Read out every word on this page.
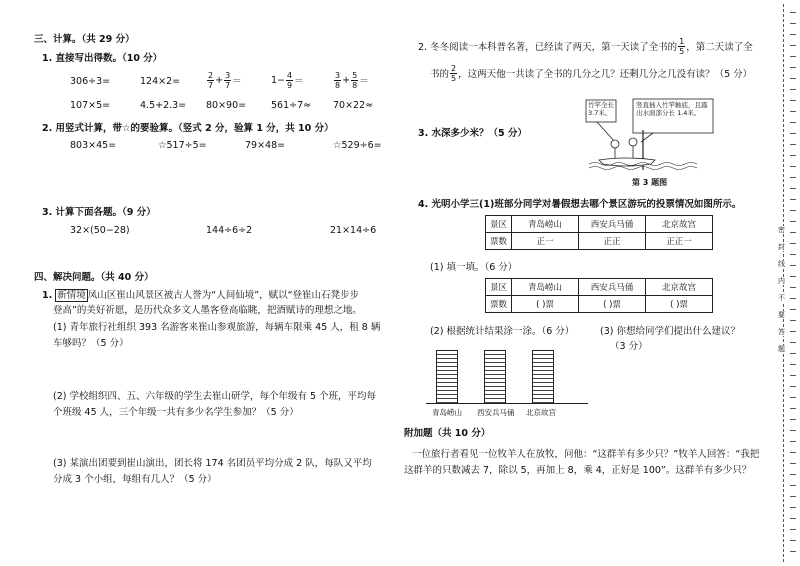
三、计算。（共 29 分）
1. 直接写出得数。（10 分）
306÷3=	124×2=	$\frac{2}{7} + \frac{3}{7}$ ＝	$1- \frac{4}{9}$ ＝	$\frac{3}{8} + \frac{5}{8}$ ＝
107×5=	4.5+2.3= 80×90=	561÷7≈ 70×22≈
2. 用竖式计算，带☆的要验算。（竖式 2 分，验算 1 分，共 10 分）
803×45=	☆517÷5=	79×48=	☆529÷6=
3. 计算下面各题。（9 分）
32×(50−28)	144÷6÷2	21×14÷6
四、解决问题。（共 40 分）
1. 新情境 凤山区崔山风景区被古人誉为“人间仙境”，赋以“登崔山石凳步步
登高”的美好祈愿，是历代众多文人墨客登高临眺，把酒赋诗的理想之地。
(1) 青年旅行社组织 393 名游客来崔山参观旅游，每辆车限乘 45 人，租 8 辆
车够吗？（5 分）
(2) 学校组织四、五、六年级的学生去崔山研学，每个年级有 5 个班，平均每
个班级 45 人，三个年级一共有多少名学生参加？（5 分）
(3) 某演出团要到崔山演出，团长将 174 名团员平均分成 2 队，每队又平均
分成 3 个小组，每组有几人？（5 分）
2. 冬冬阅读一本科普名著，已经读了两天，第一天读了全书的 $\frac{1}{5}$ ，第二天读了全
书的 $\frac{2}{5}$ ，这两天他一共读了全书的几分之几？还剩几分之几没有读？（5 分）
3. 水深多少米？（5 分）
竹竿全长3.7米。
竖直插入竹竿触底，且露出水面部分长 1.4米。
第 3 题图
4. 光明小学三(1)班部分同学对暑假想去哪个景区游玩的投票情况如图所示。
景区	青岛崂山	西安兵马俑	北京故宫
票数	正一	正正	正正一
(1) 填一填。（6 分）
景区	青岛崂山	西安兵马俑	北京故宫
票数	( )票	( )票	( )票
(2) 根据统计结果涂一涂。（6 分）	(3) 你想给同学们提出什么建议？
（3 分）
青岛崂山 西安兵马俑 北京故宫
附加题（共 10 分）
一位旅行者看见一位牧羊人在放牧，问他：“这群羊有多少只？”牧羊人回答：“我把
这群羊的只数减去 7，除以 5，再加上 8，乘 4，正好是 100”。这群羊有多少只？
密
封
线
内
不
要
答
题
